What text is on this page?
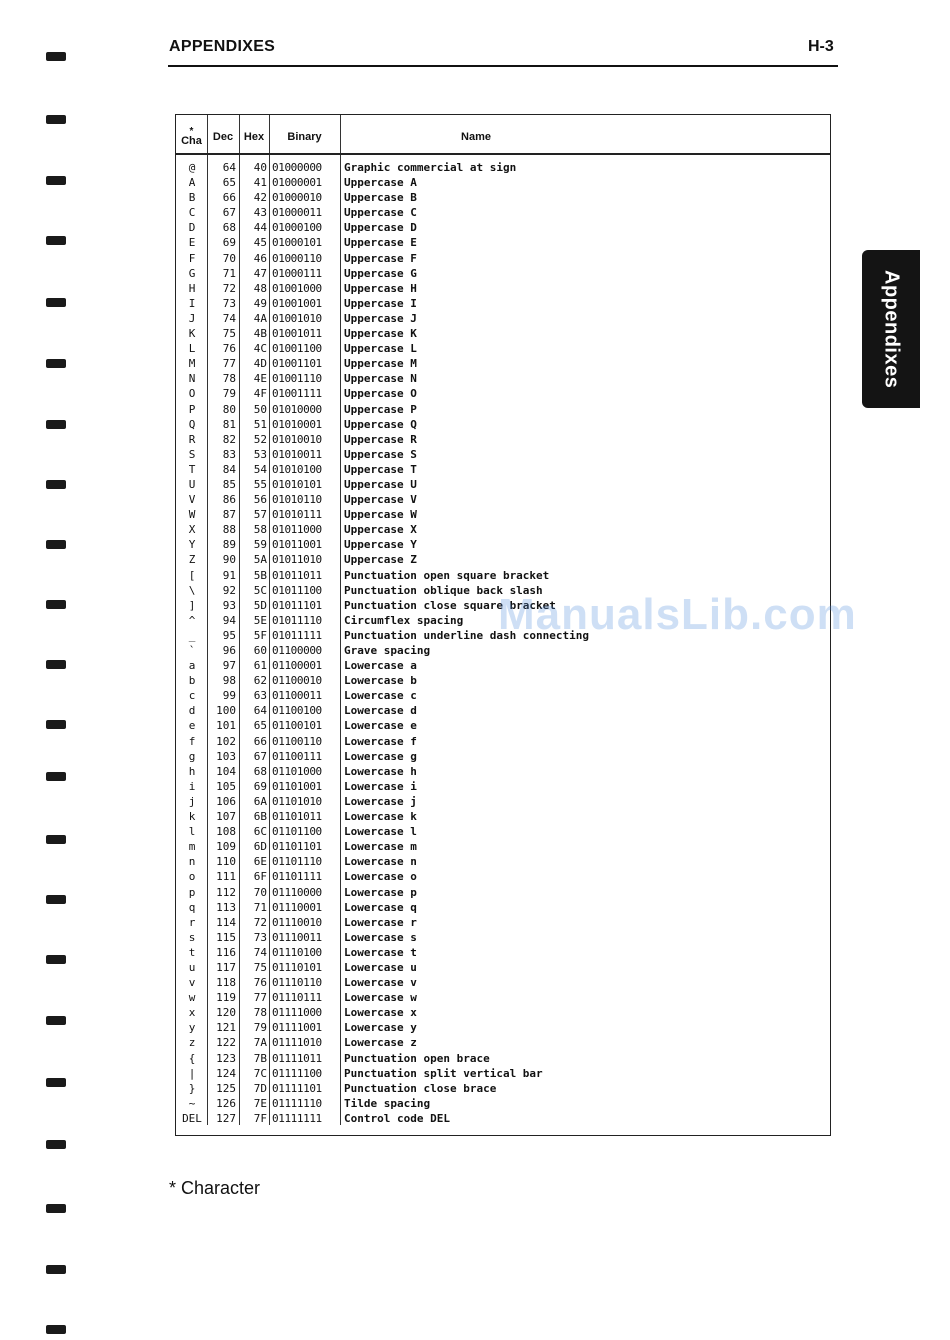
APPENDIXES	H-3
Appendixes
*
Cha	Dec Hex	Binary	Name
@	64	40 01000000	Graphic commercial at sign
A	65	41 01000001	Uppercase A
B	66	42 01000010	Uppercase B
C	67	43 01000011	Uppercase C
D	68	44 01000100	Uppercase D
E	69	45 01000101	Uppercase E
F	70	46 01000110	Uppercase F
G	71	47 01000111	Uppercase G
H	72	48 01001000	Uppercase H
I	73	49 01001001	Uppercase I
J	74	4A 01001010	Uppercase J
K	75	4B 01001011	Uppercase K
L	76	4C 01001100	Uppercase L
M	77	4D 01001101	Uppercase M
N	78	4E 01001110	Uppercase N
O	79	4F 01001111	Uppercase O
P	80	50 01010000	Uppercase P
Q	81	51 01010001	Uppercase Q
R	82	52 01010010	Uppercase R
S	83	53 01010011	Uppercase S
T	84	54 01010100	Uppercase T
U	85	55 01010101	Uppercase U
V	86	56 01010110	Uppercase V
W	87	57 01010111	Uppercase W
X	88	58 01011000	Uppercase X
Y	89	59 01011001	Uppercase Y
Z	90	5A 01011010	Uppercase Z
[	91	5B 01011011	Punctuation open square bracket
\	92	5C 01011100	Punctuation oblique back slash
]	93	5D 01011101	Punctuation close square bracket
^	94	5E 01011110	Circumflex spacing
_	95	5F 01011111	Punctuation underline dash connecting
`	96	60 01100000	Grave spacing
a	97	61 01100001	Lowercase a
b	98	62 01100010	Lowercase b
c	99	63 01100011	Lowercase c
d	100	64 01100100	Lowercase d
e	101	65 01100101	Lowercase e
f	102	66 01100110	Lowercase f
g	103	67 01100111	Lowercase g
h	104	68 01101000	Lowercase h
i	105	69 01101001	Lowercase i
j	106	6A 01101010	Lowercase j
k	107	6B 01101011	Lowercase k
l	108	6C 01101100	Lowercase l
m	109	6D 01101101	Lowercase m
n	110	6E 01101110	Lowercase n
o	111	6F 01101111	Lowercase o
p	112	70 01110000	Lowercase p
q	113	71 01110001	Lowercase q
r	114	72 01110010	Lowercase r
s	115	73 01110011	Lowercase s
t	116	74 01110100	Lowercase t
u	117	75 01110101	Lowercase u
v	118	76 01110110	Lowercase v
w	119	77 01110111	Lowercase w
x	120	78 01111000	Lowercase x
y	121	79 01111001	Lowercase y
z	122	7A 01111010	Lowercase z
{	123	7B 01111011	Punctuation open brace
|	124	7C 01111100	Punctuation split vertical bar
}	125	7D 01111101	Punctuation close brace
~	126	7E 01111110	Tilde spacing
DEL	127	7F 01111111	Control code DEL
ManualsLib.com
* Character
